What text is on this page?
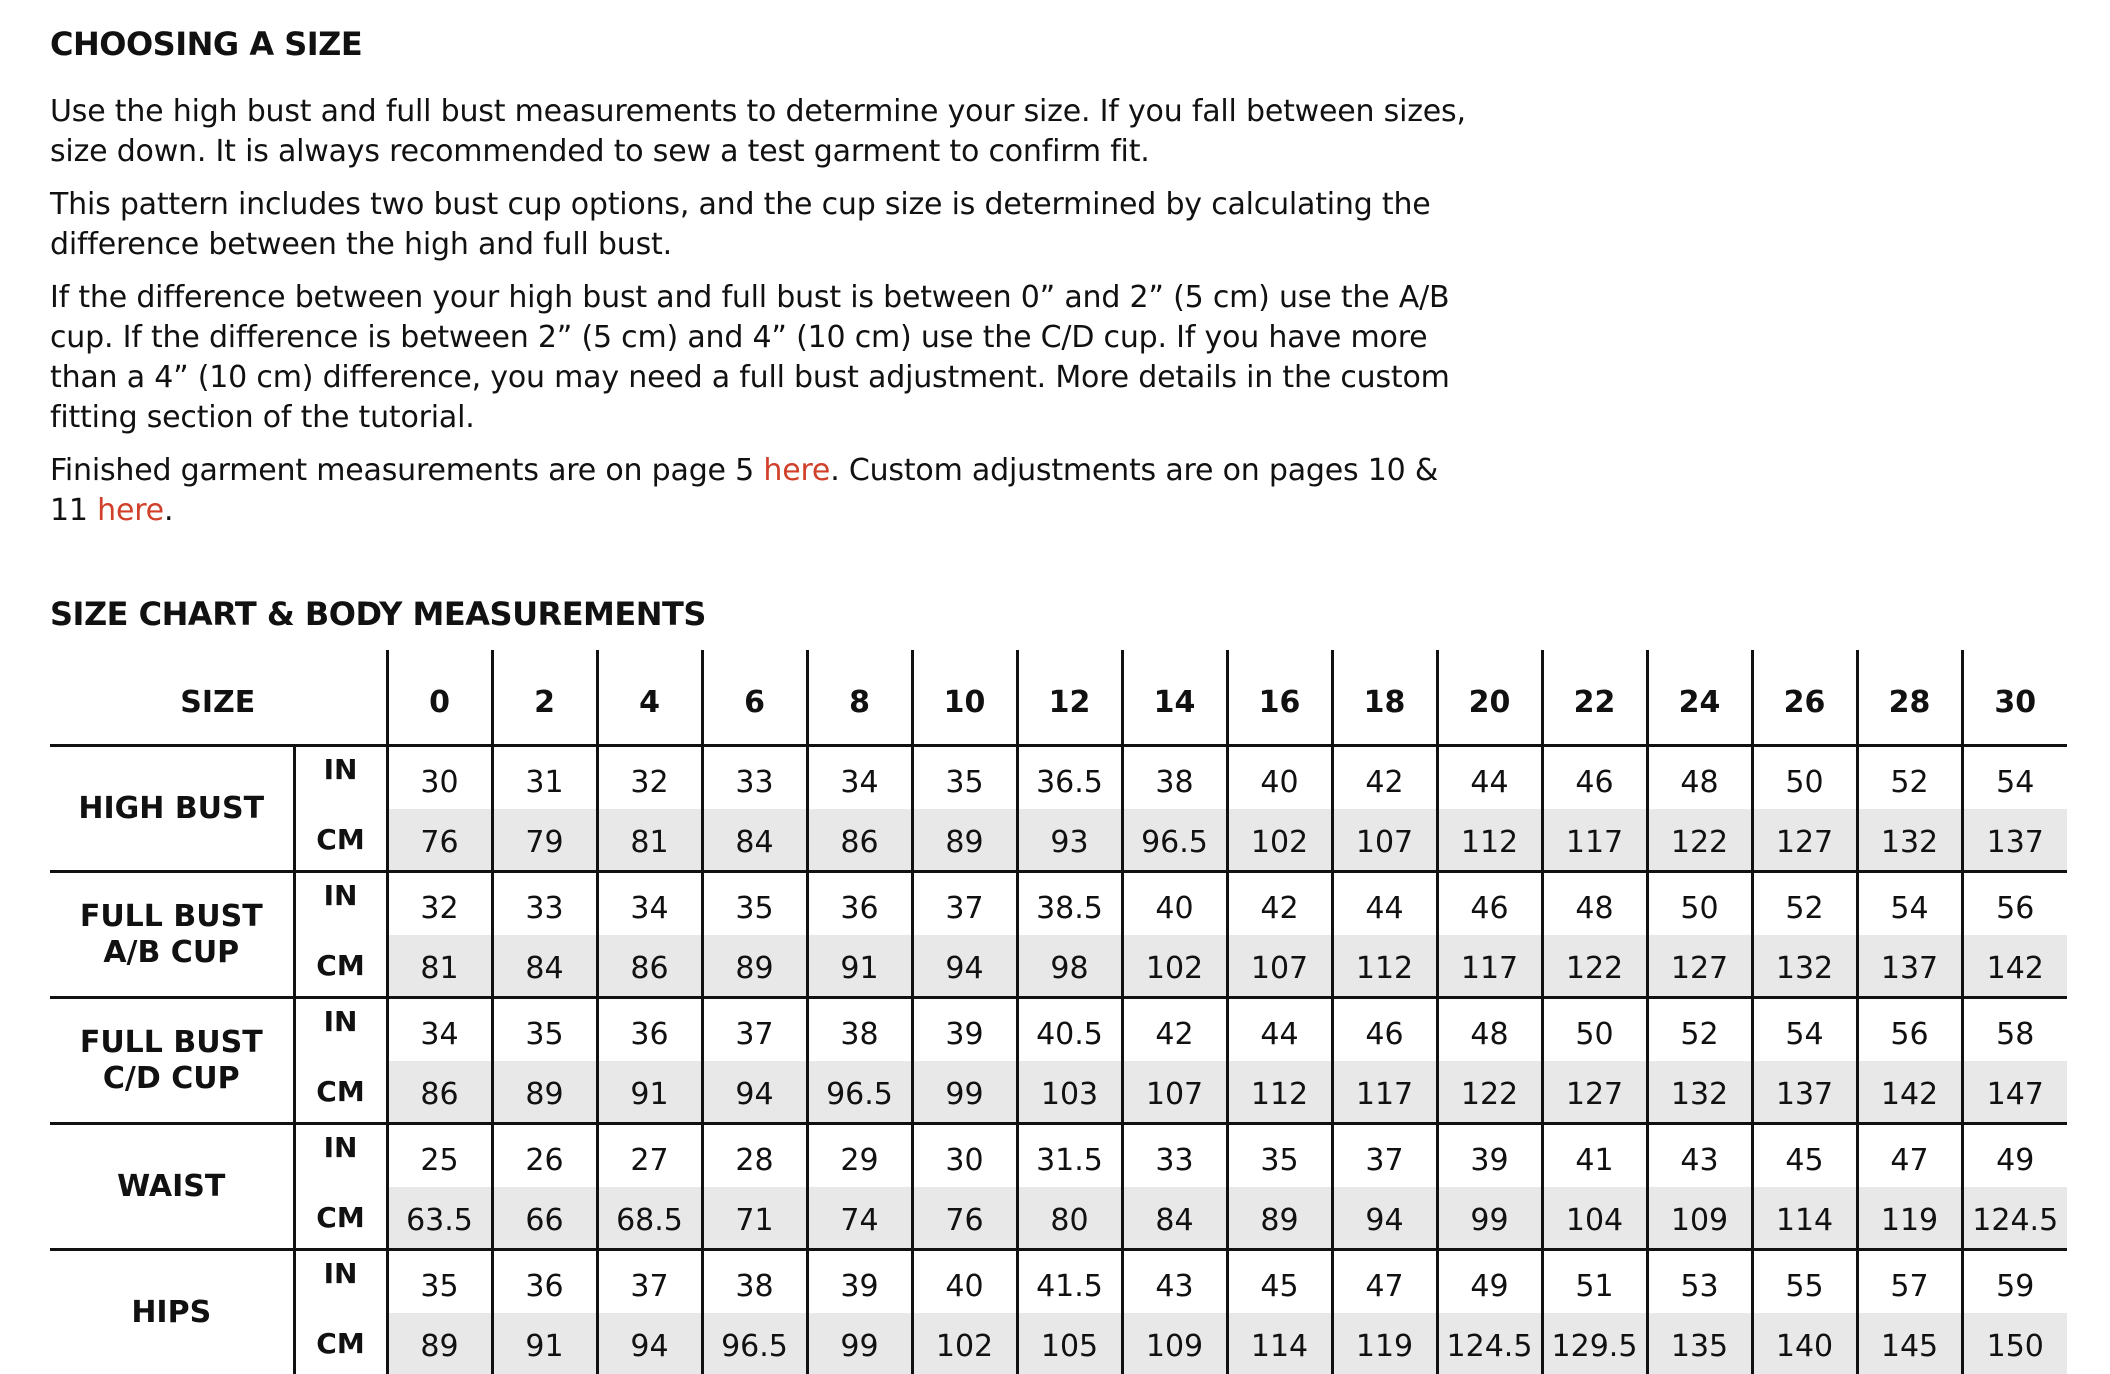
CHOOSING A SIZE

Use the high bust and full bust measurements to determine your size. If you fall between sizes, size down. It is always recommended to sew a test garment to confirm fit.

This pattern includes two bust cup options, and the cup size is determined by calculating the difference between the high and full bust.

If the difference between your high bust and full bust is between 0” and 2” (5 cm) use the A/B cup. If the difference is between 2” (5 cm) and 4” (10 cm) use the C/D cup. If you have more than a 4” (10 cm) difference, you may need a full bust adjustment. More details in the custom fitting section of the tutorial.

Finished garment measurements are on page 5 here. Custom adjustments are on pages 10 & 11 here.

SIZE CHART & BODY MEASUREMENTS
SIZE		0	2	4	6	8	10	12	14	16	18	20	22	24	26	28	30

HIGH BUST	IN	30	31	32	33	34	35	36.5	38	40	42	44	46	48	50	52	54
	CM	76	79	81	84	86	89	93	96.5	102	107	112	117	122	127	132	137

FULL BUST
A/B CUP	IN	32	33	34	35	36	37	38.5	40	42	44	46	48	50	52	54	56
	CM	81	84	86	89	91	94	98	102	107	112	117	122	127	132	137	142

FULL BUST
C/D CUP	IN	34	35	36	37	38	39	40.5	42	44	46	48	50	52	54	56	58
	CM	86	89	91	94	96.5	99	103	107	112	117	122	127	132	137	142	147

WAIST	IN	25	26	27	28	29	30	31.5	33	35	37	39	41	43	45	47	49
	CM	63.5	66	68.5	71	74	76	80	84	89	94	99	104	109	114	119	124.5

HIPS	IN	35	36	37	38	39	40	41.5	43	45	47	49	51	53	55	57	59
	CM	89	91	94	96.5	99	102	105	109	114	119	124.5	129.5	135	140	145	150
